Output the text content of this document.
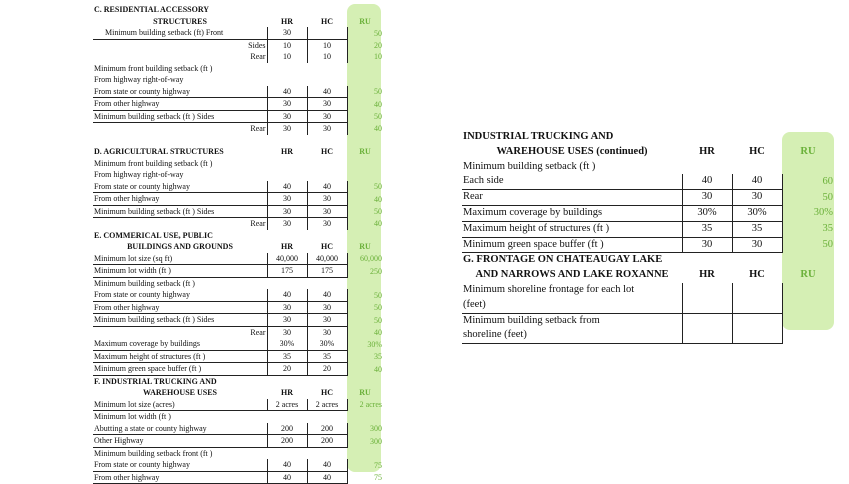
C. RESIDENTIAL ACCESSORY			
STRUCTURES	HR	HC	RU
Minimum building setback (ft) Front	30		50
Sides	10	10	20
Rear	10	10	10
Minimum front building setback (ft )			
From highway right-of-way			
From state or county highway	40	40	50
From other highway	30	30	40
Minimum building setback (ft ) Sides	30	30	50
Rear	30	30	40

D. AGRICULTURAL STRUCTURES	HR	HC	RU
Minimum front building setback (ft )			
From highway right-of-way			
From state or county highway	40	40	50
From other highway	30	30	40
Minimum building setback (ft ) Sides	30	30	50
Rear	30	30	40
E. COMMERICAL USE, PUBLIC			
BUILDINGS AND GROUNDS	HR	HC	RU
Minimum lot size (sq ft)	40,000	40,000	60,000
Minimum lot width (ft )	175	175	250
Minimum building setback (ft )			
From state or county highway	40	40	50
From other highway	30	30	50
Minimum building setback (ft ) Sides	30	30	50
Rear	30	30	40
Maximum coverage by buildings	30%	30%	30%
Maximum height of structures (ft )	35	35	35
Minimum green space buffer (ft )	20	20	40
F. INDUSTRIAL TRUCKING AND			
WAREHOUSE USES	HR	HC	RU
Minimum lot size (acres)	2 acres	2 acres	2 acres
Minimum lot width (ft )			
Abutting a state or county highway	200	200	300
Other Highway	200	200	300
Minimum building setback front (ft )			
From state or county highway	40	40	75
From other highway	40	40	75
INDUSTRIAL TRUCKING AND			
WAREHOUSE USES (continued)	HR	HC	RU
Minimum building setback (ft )			
Each side	40	40	60
Rear	30	30	50
Maximum coverage by buildings	30%	30%	30%
Maximum height of structures (ft )	35	35	35
Minimum green space buffer (ft )	30	30	50
G. FRONTAGE ON CHATEAUGAY LAKE			
AND NARROWS AND LAKE ROXANNE	HR	HC	RU
Minimum shoreline frontage for each lot			
(feet)			
Minimum building setback from			
shoreline (feet)			
